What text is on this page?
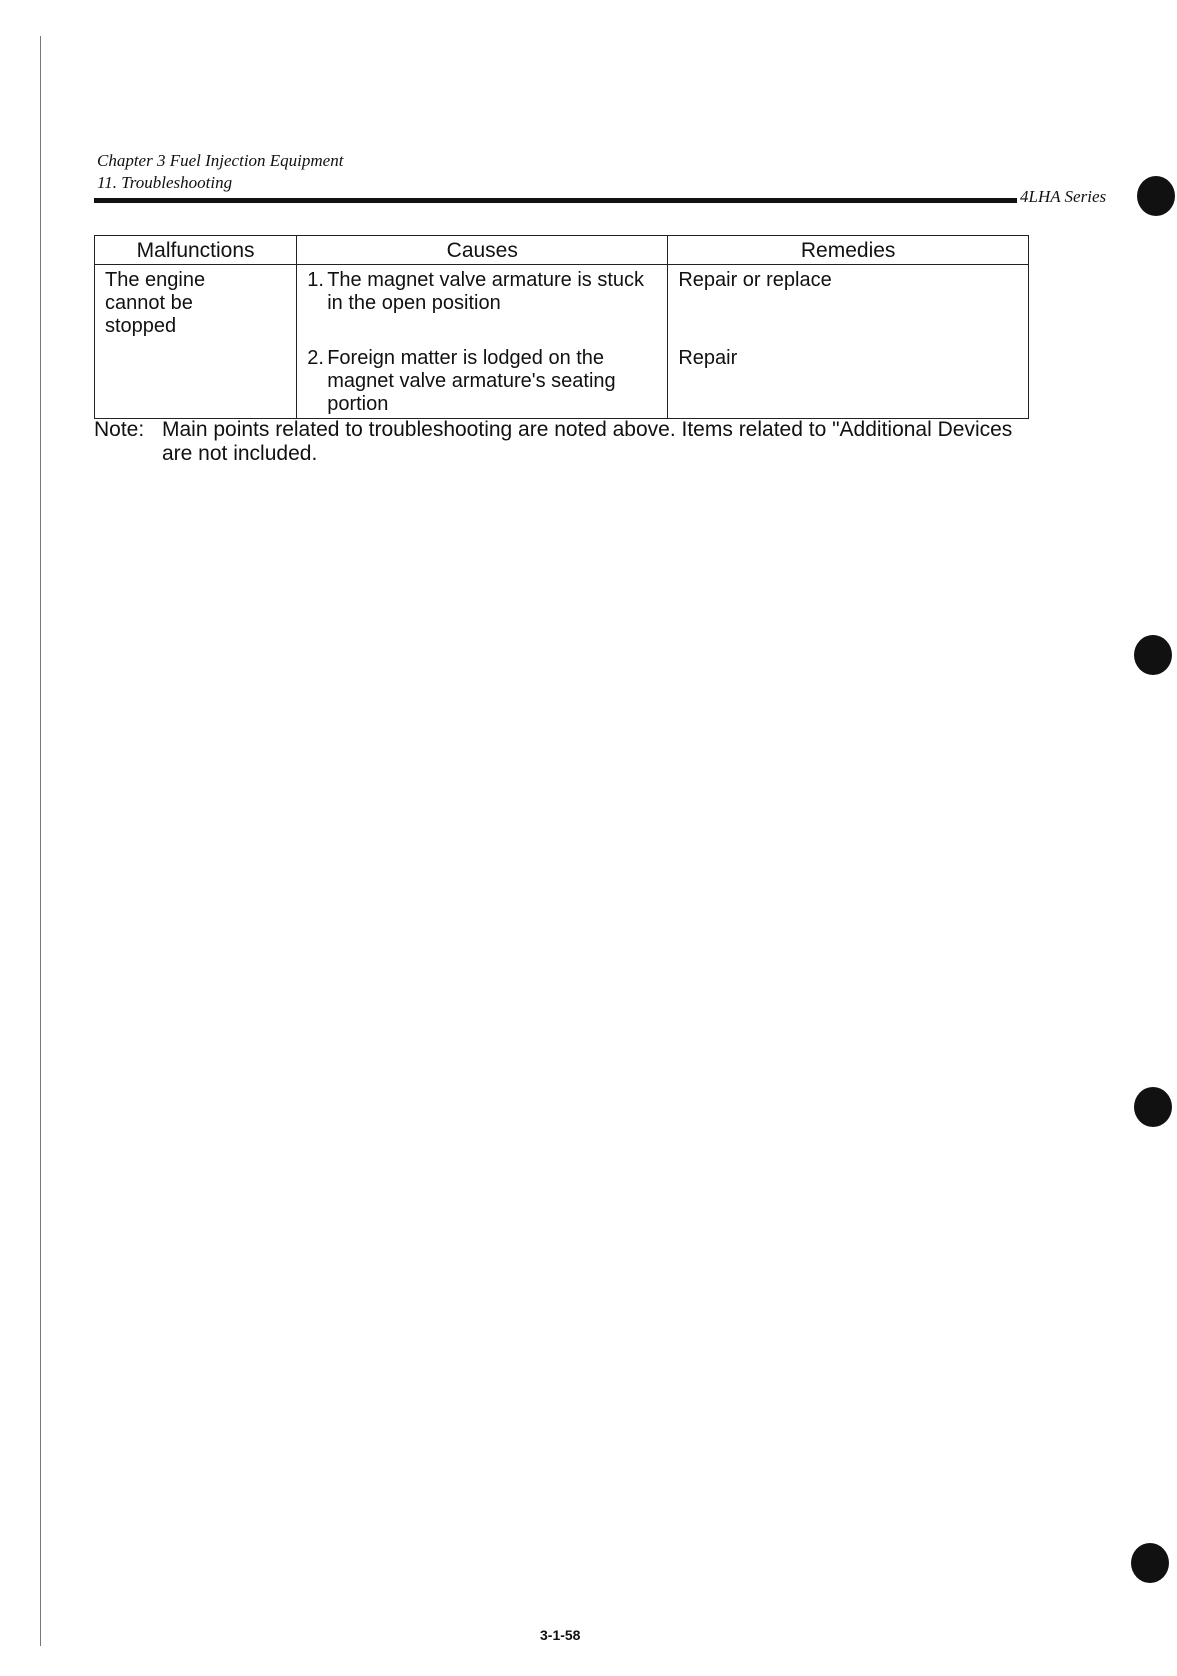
Chapter 3 Fuel Injection Equipment
11. Troubleshooting
4LHA Series
Malfunctions	Causes	Remedies

The engine cannot be stopped	1. The magnet valve armature is stuck in the open position	Repair or replace

	2. Foreign matter is lodged on the magnet valve armature's seating portion	Repair
Note: Main points related to troubleshooting are noted above. Items related to "Additional Devices are not included.
3-1-58
